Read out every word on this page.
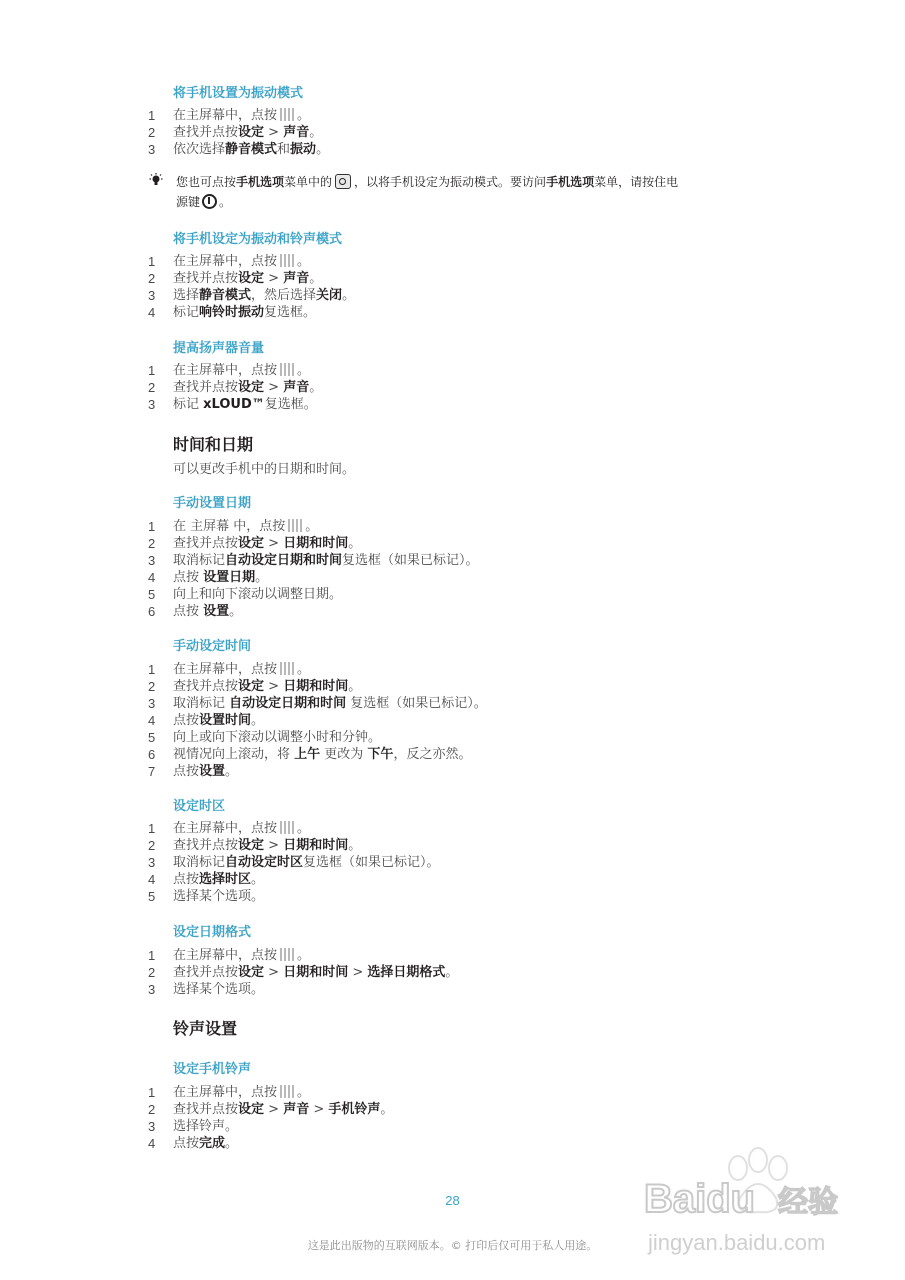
将手机设置为振动模式
1	在主屏幕中，点按 。
2	查找并点按设定 > 声音。
3	依次选择静音模式和振动。
您也可点按手机选项菜单中的 ，以将手机设定为振动模式。要访问手机选项菜单，请按住电
源键 。
将手机设定为振动和铃声模式
1	在主屏幕中，点按 。
2	查找并点按设定 > 声音。
3	选择静音模式，然后选择关闭。
4	标记响铃时振动复选框。
提高扬声器音量
1	在主屏幕中，点按 。
2	查找并点按设定 > 声音。
3	标记 xLOUD™复选框。
时间和日期
可以更改手机中的日期和时间。
手动设置日期
1	在 主屏幕 中，点按 。
2	查找并点按设定 > 日期和时间。
3	取消标记自动设定日期和时间复选框（如果已标记）。
4	点按 设置日期。
5	向上和向下滚动以调整日期。
6	点按 设置。
手动设定时间
1	在主屏幕中，点按 。
2	查找并点按设定 > 日期和时间。
3	取消标记 自动设定日期和时间 复选框（如果已标记）。
4	点按设置时间。
5	向上或向下滚动以调整小时和分钟。
6	视情况向上滚动，将 上午 更改为 下午，反之亦然。
7	点按设置。
设定时区
1	在主屏幕中，点按 。
2	查找并点按设定 > 日期和时间。
3	取消标记自动设定时区复选框（如果已标记）。
4	点按选择时区。
5	选择某个选项。
设定日期格式
1	在主屏幕中，点按 。
2	查找并点按设定 > 日期和时间 > 选择日期格式。
3	选择某个选项。
铃声设置
设定手机铃声
1	在主屏幕中，点按 。
2	查找并点按设定 > 声音 > 手机铃声。
3	选择铃声。
4	点按完成。
28
这是此出版物的互联网版本。© 打印后仅可用于私人用途。
Baidu 经验
jingyan.baidu.com
